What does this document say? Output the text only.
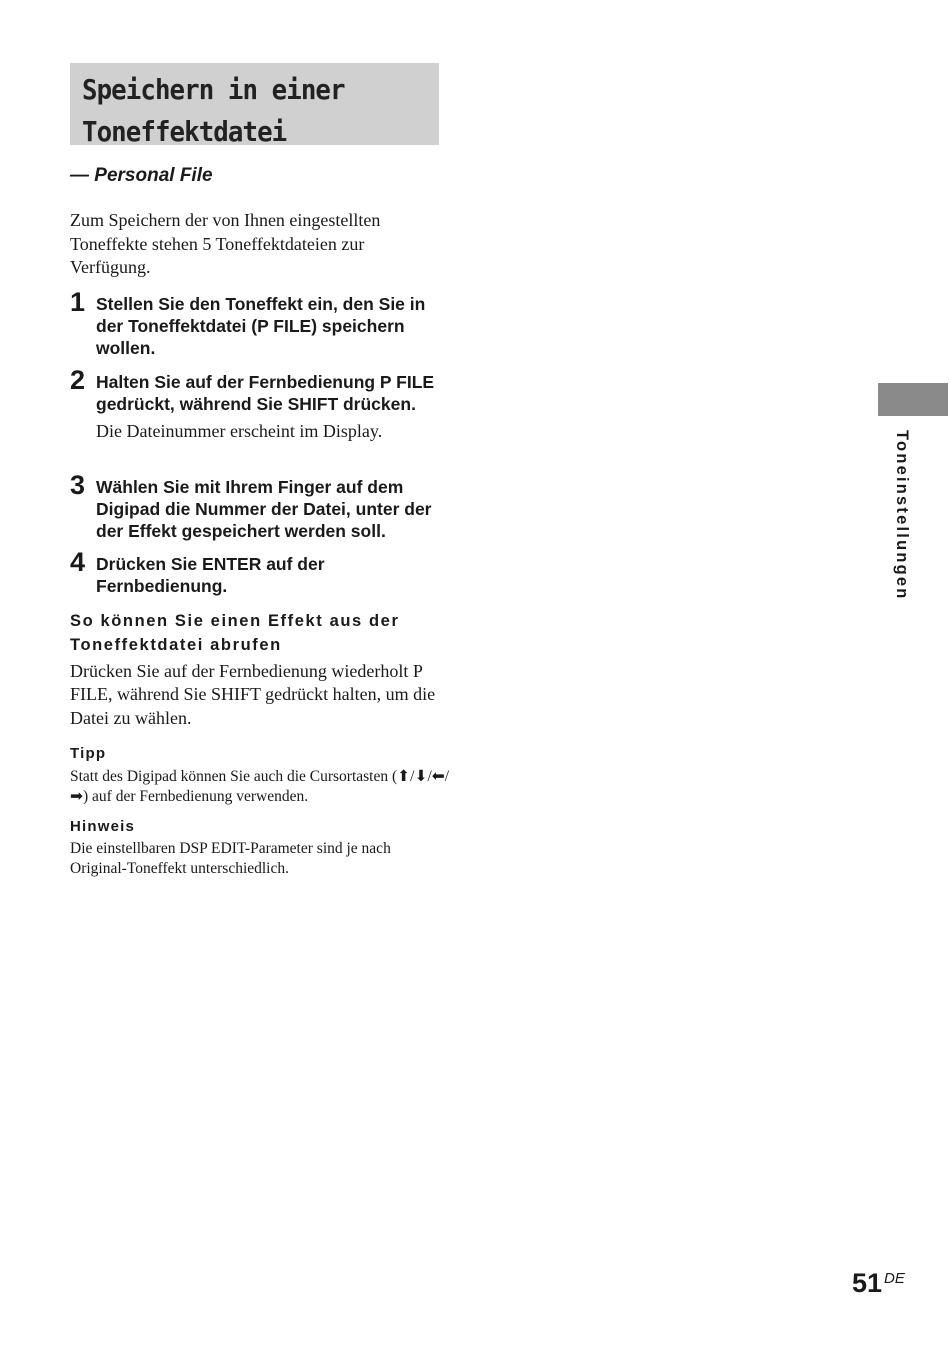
Speichern in einer
Toneffektdatei
— Personal File
Zum Speichern der von Ihnen eingestellten Toneffekte stehen 5 Toneffektdateien zur Verfügung.
1 Stellen Sie den Toneffekt ein, den Sie in der Toneffektdatei (P FILE) speichern wollen.
2 Halten Sie auf der Fernbedienung P FILE gedrückt, während Sie SHIFT drücken.
Die Dateinummer erscheint im Display.
3 Wählen Sie mit Ihrem Finger auf dem Digipad die Nummer der Datei, unter der der Effekt gespeichert werden soll.
4 Drücken Sie ENTER auf der Fernbedienung.
So können Sie einen Effekt aus der Toneffektdatei abrufen
Drücken Sie auf der Fernbedienung wiederholt P FILE, während Sie SHIFT gedrückt halten, um die Datei zu wählen.
Tipp
Statt des Digipad können Sie auch die Cursortasten (⬆/⬇/⬅/➡) auf der Fernbedienung verwenden.
Hinweis
Die einstellbaren DSP EDIT-Parameter sind je nach Original-Toneffekt unterschiedlich.
Toneinstellungen
51 DE
